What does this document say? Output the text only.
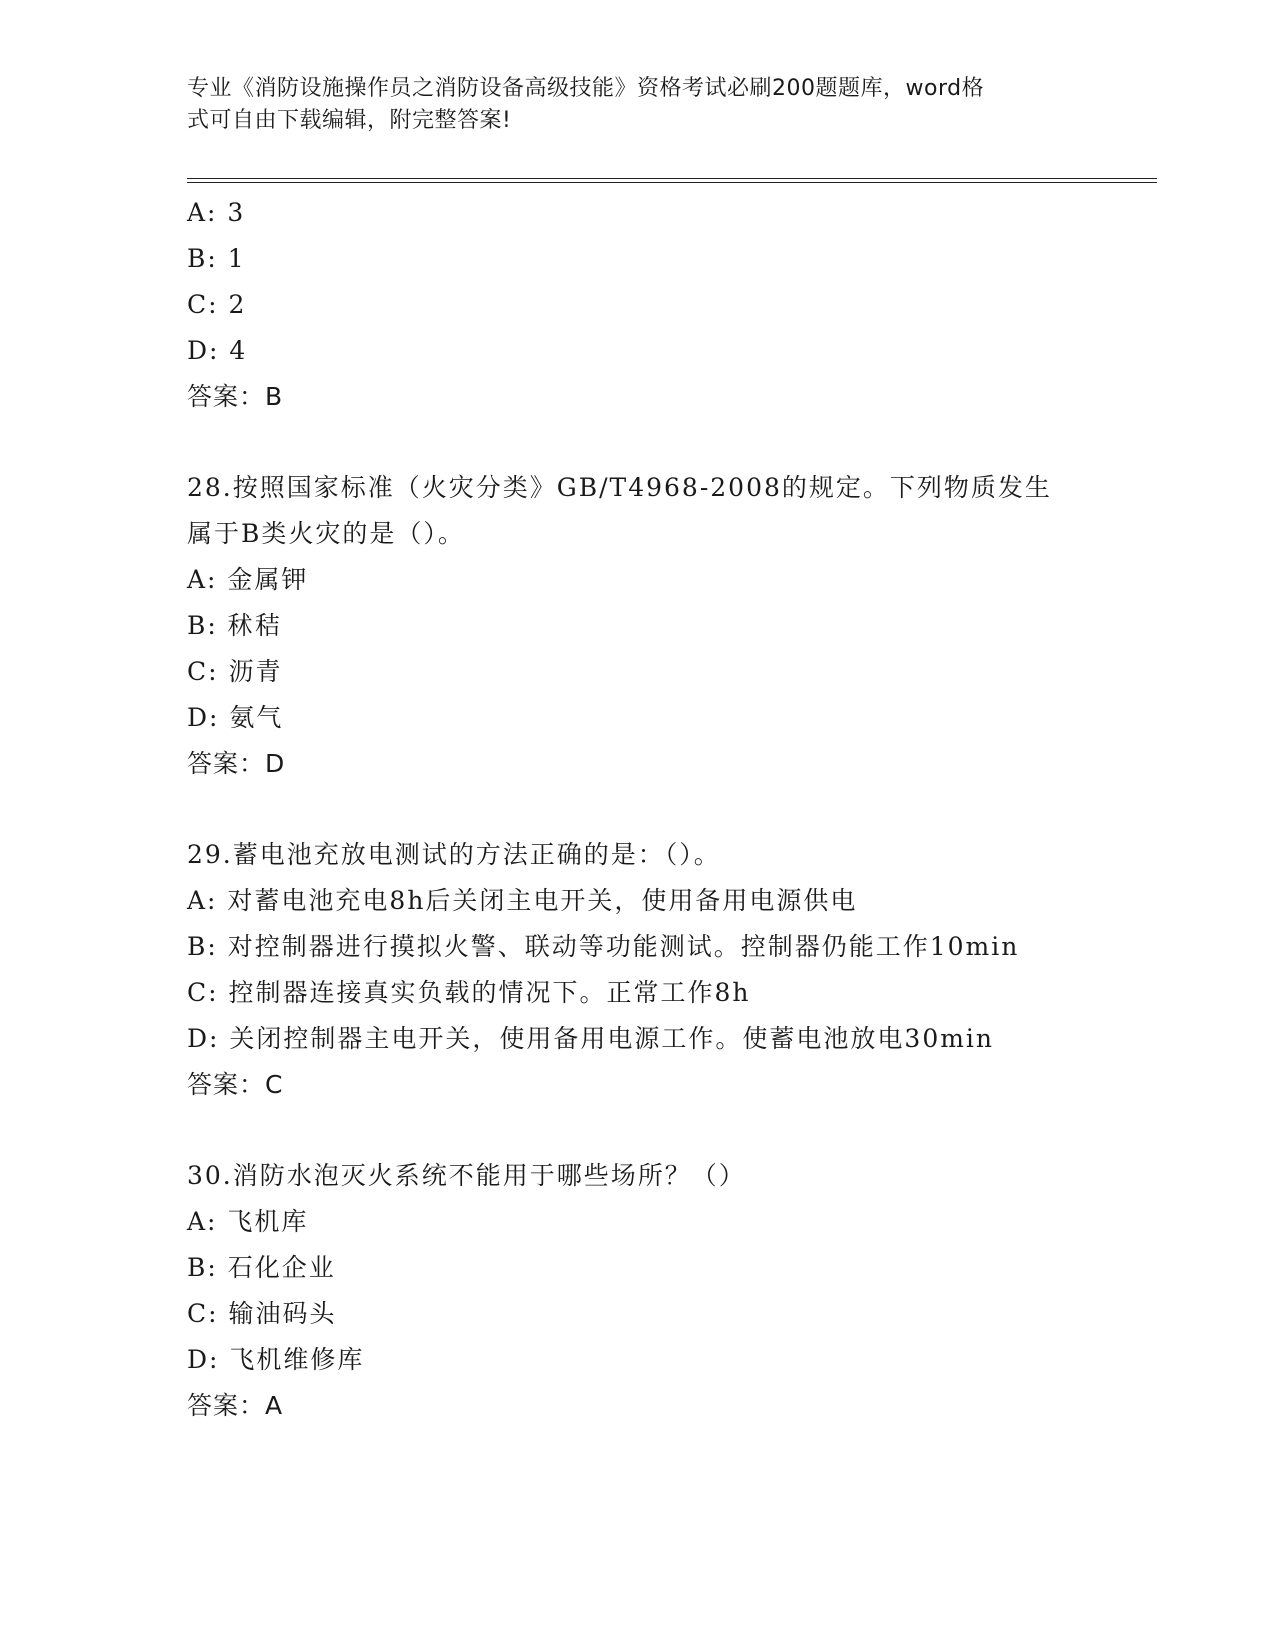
专业《消防设施操作员之消防设备高级技能》资格考试必刷200题题库，word格
式可自由下载编辑，附完整答案!
A: 3
B: 1
C: 2
D: 4
答案：B
28.按照国家标准（火灾分类》GB/T4968-2008的规定。下列物质发生
属于B类火灾的是（）。
A: 金属钾
B: 秫秸
C: 沥青
D: 氨气
答案：D
29.蓄电池充放电测试的方法正确的是：（）。
A: 对蓄电池充电8h后关闭主电开关，使用备用电源供电
B: 对控制器进行摸拟火警、联动等功能测试。控制器仍能工作10min
C: 控制器连接真实负载的情况下。正常工作8h
D: 关闭控制器主电开关，使用备用电源工作。使蓄电池放电30min
答案：C
30.消防水泡灭火系统不能用于哪些场所？（）
A: 飞机库
B: 石化企业
C: 输油码头
D: 飞机维修库
答案：A
